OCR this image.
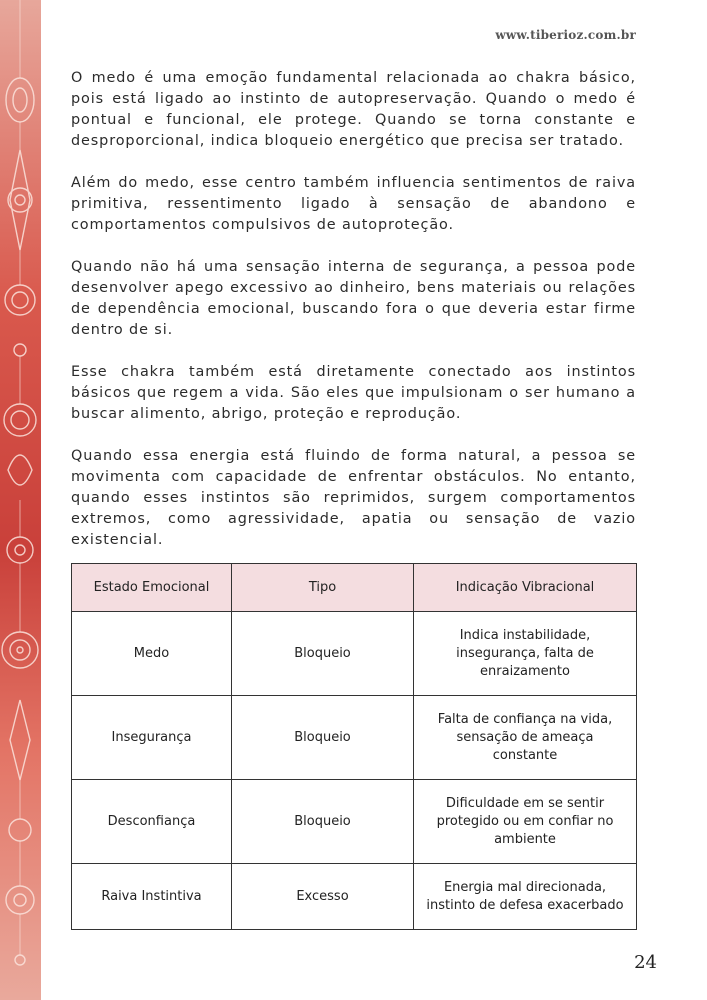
www.tiberioz.com.br

O medo é uma emoção fundamental relacionada ao chakra básico, pois está ligado ao instinto de autopreservação. Quando o medo é pontual e funcional, ele protege. Quando se torna constante e desproporcional, indica bloqueio energético que precisa ser tratado.

Além do medo, esse centro também influencia sentimentos de raiva primitiva, ressentimento ligado à sensação de abandono e comportamentos compulsivos de autoproteção.

Quando não há uma sensação interna de segurança, a pessoa pode desenvolver apego excessivo ao dinheiro, bens materiais ou relações de dependência emocional, buscando fora o que deveria estar firme dentro de si.

Esse chakra também está diretamente conectado aos instintos básicos que regem a vida. São eles que impulsionam o ser humano a buscar alimento, abrigo, proteção e reprodução.

Quando essa energia está fluindo de forma natural, a pessoa se movimenta com capacidade de enfrentar obstáculos. No entanto, quando esses instintos são reprimidos, surgem comportamentos extremos, como agressividade, apatia ou sensação de vazio existencial.

Estado Emocional	Tipo	Indicação Vibracional
Medo	Bloqueio	Indica instabilidade, insegurança, falta de enraizamento
Insegurança	Bloqueio	Falta de confiança na vida, sensação de ameaça constante
Desconfiança	Bloqueio	Dificuldade em se sentir protegido ou em confiar no ambiente
Raiva Instintiva	Excesso	Energia mal direcionada, instinto de defesa exacerbado
24
